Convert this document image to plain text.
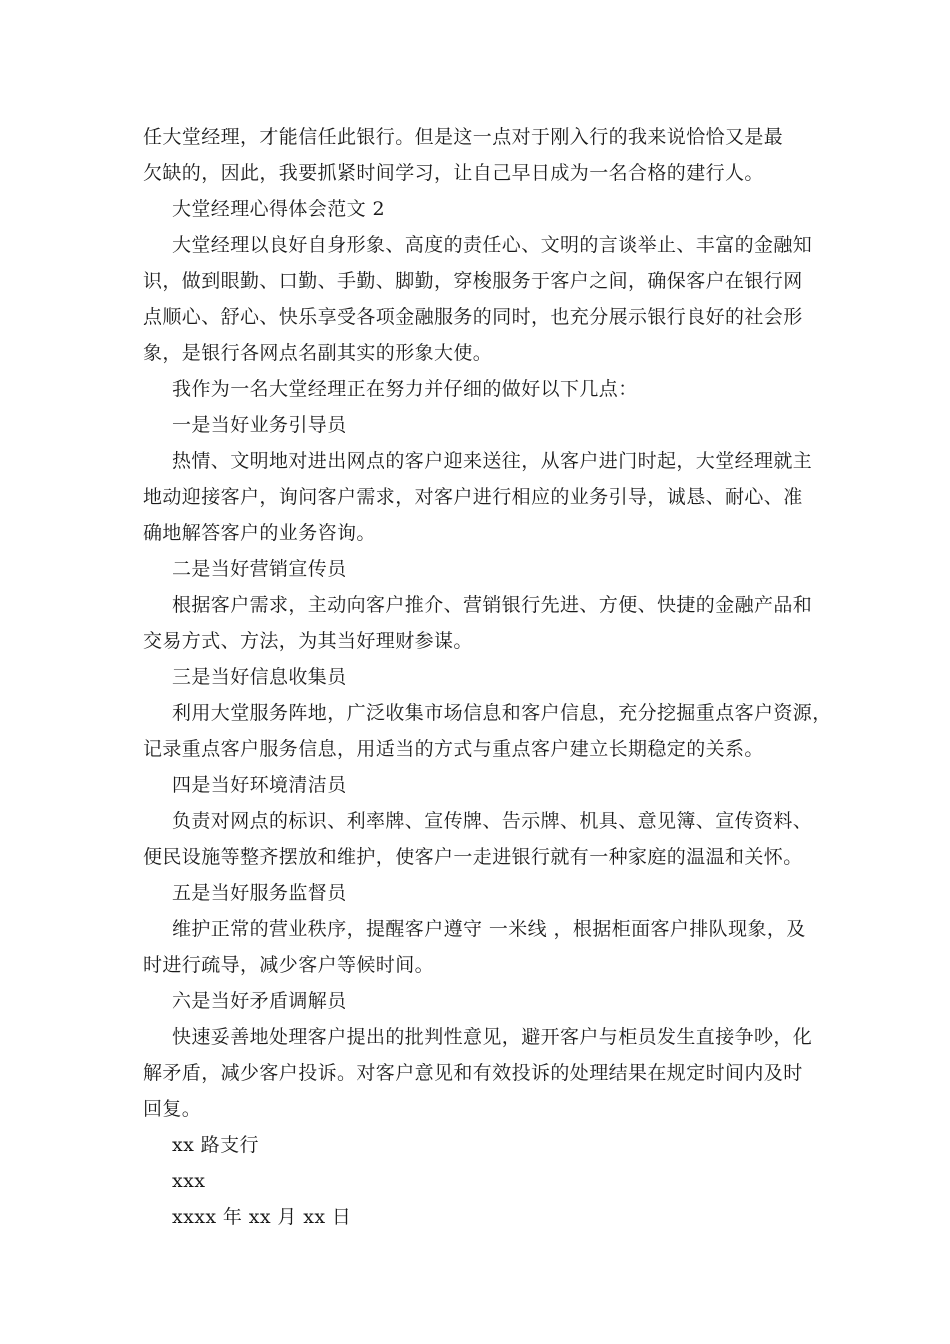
任大堂经理，才能信任此银行。但是这一点对于刚入行的我来说恰恰又是最
欠缺的，因此，我要抓紧时间学习，让自己早日成为一名合格的建行人。
大堂经理心得体会范文 2
大堂经理以良好自身形象、高度的责任心、文明的言谈举止、丰富的金融知
识，做到眼勤、口勤、手勤、脚勤，穿梭服务于客户之间，确保客户在银行网
点顺心、舒心、快乐享受各项金融服务的同时，也充分展示银行良好的社会形
象，是银行各网点名副其实的形象大使。
我作为一名大堂经理正在努力并仔细的做好以下几点：
一是当好业务引导员
热情、文明地对进出网点的客户迎来送往，从客户进门时起，大堂经理就主
地动迎接客户，询问客户需求，对客户进行相应的业务引导，诚恳、耐心、准
确地解答客户的业务咨询。
二是当好营销宣传员
根据客户需求，主动向客户推介、营销银行先进、方便、快捷的金融产品和
交易方式、方法，为其当好理财参谋。
三是当好信息收集员
利用大堂服务阵地，广泛收集市场信息和客户信息，充分挖掘重点客户资源，
记录重点客户服务信息，用适当的方式与重点客户建立长期稳定的关系。
四是当好环境清洁员
负责对网点的标识、利率牌、宣传牌、告示牌、机具、意见簿、宣传资料、
便民设施等整齐摆放和维护，使客户一走进银行就有一种家庭的温温和关怀。
五是当好服务监督员
维护正常的营业秩序，提醒客户遵守 一米线 ，根据柜面客户排队现象，及
时进行疏导，减少客户等候时间。
六是当好矛盾调解员
快速妥善地处理客户提出的批判性意见，避开客户与柜员发生直接争吵，化
解矛盾，减少客户投诉。对客户意见和有效投诉的处理结果在规定时间内及时
回复。
xx 路支行
xxx
xxxx 年 xx 月 xx 日
